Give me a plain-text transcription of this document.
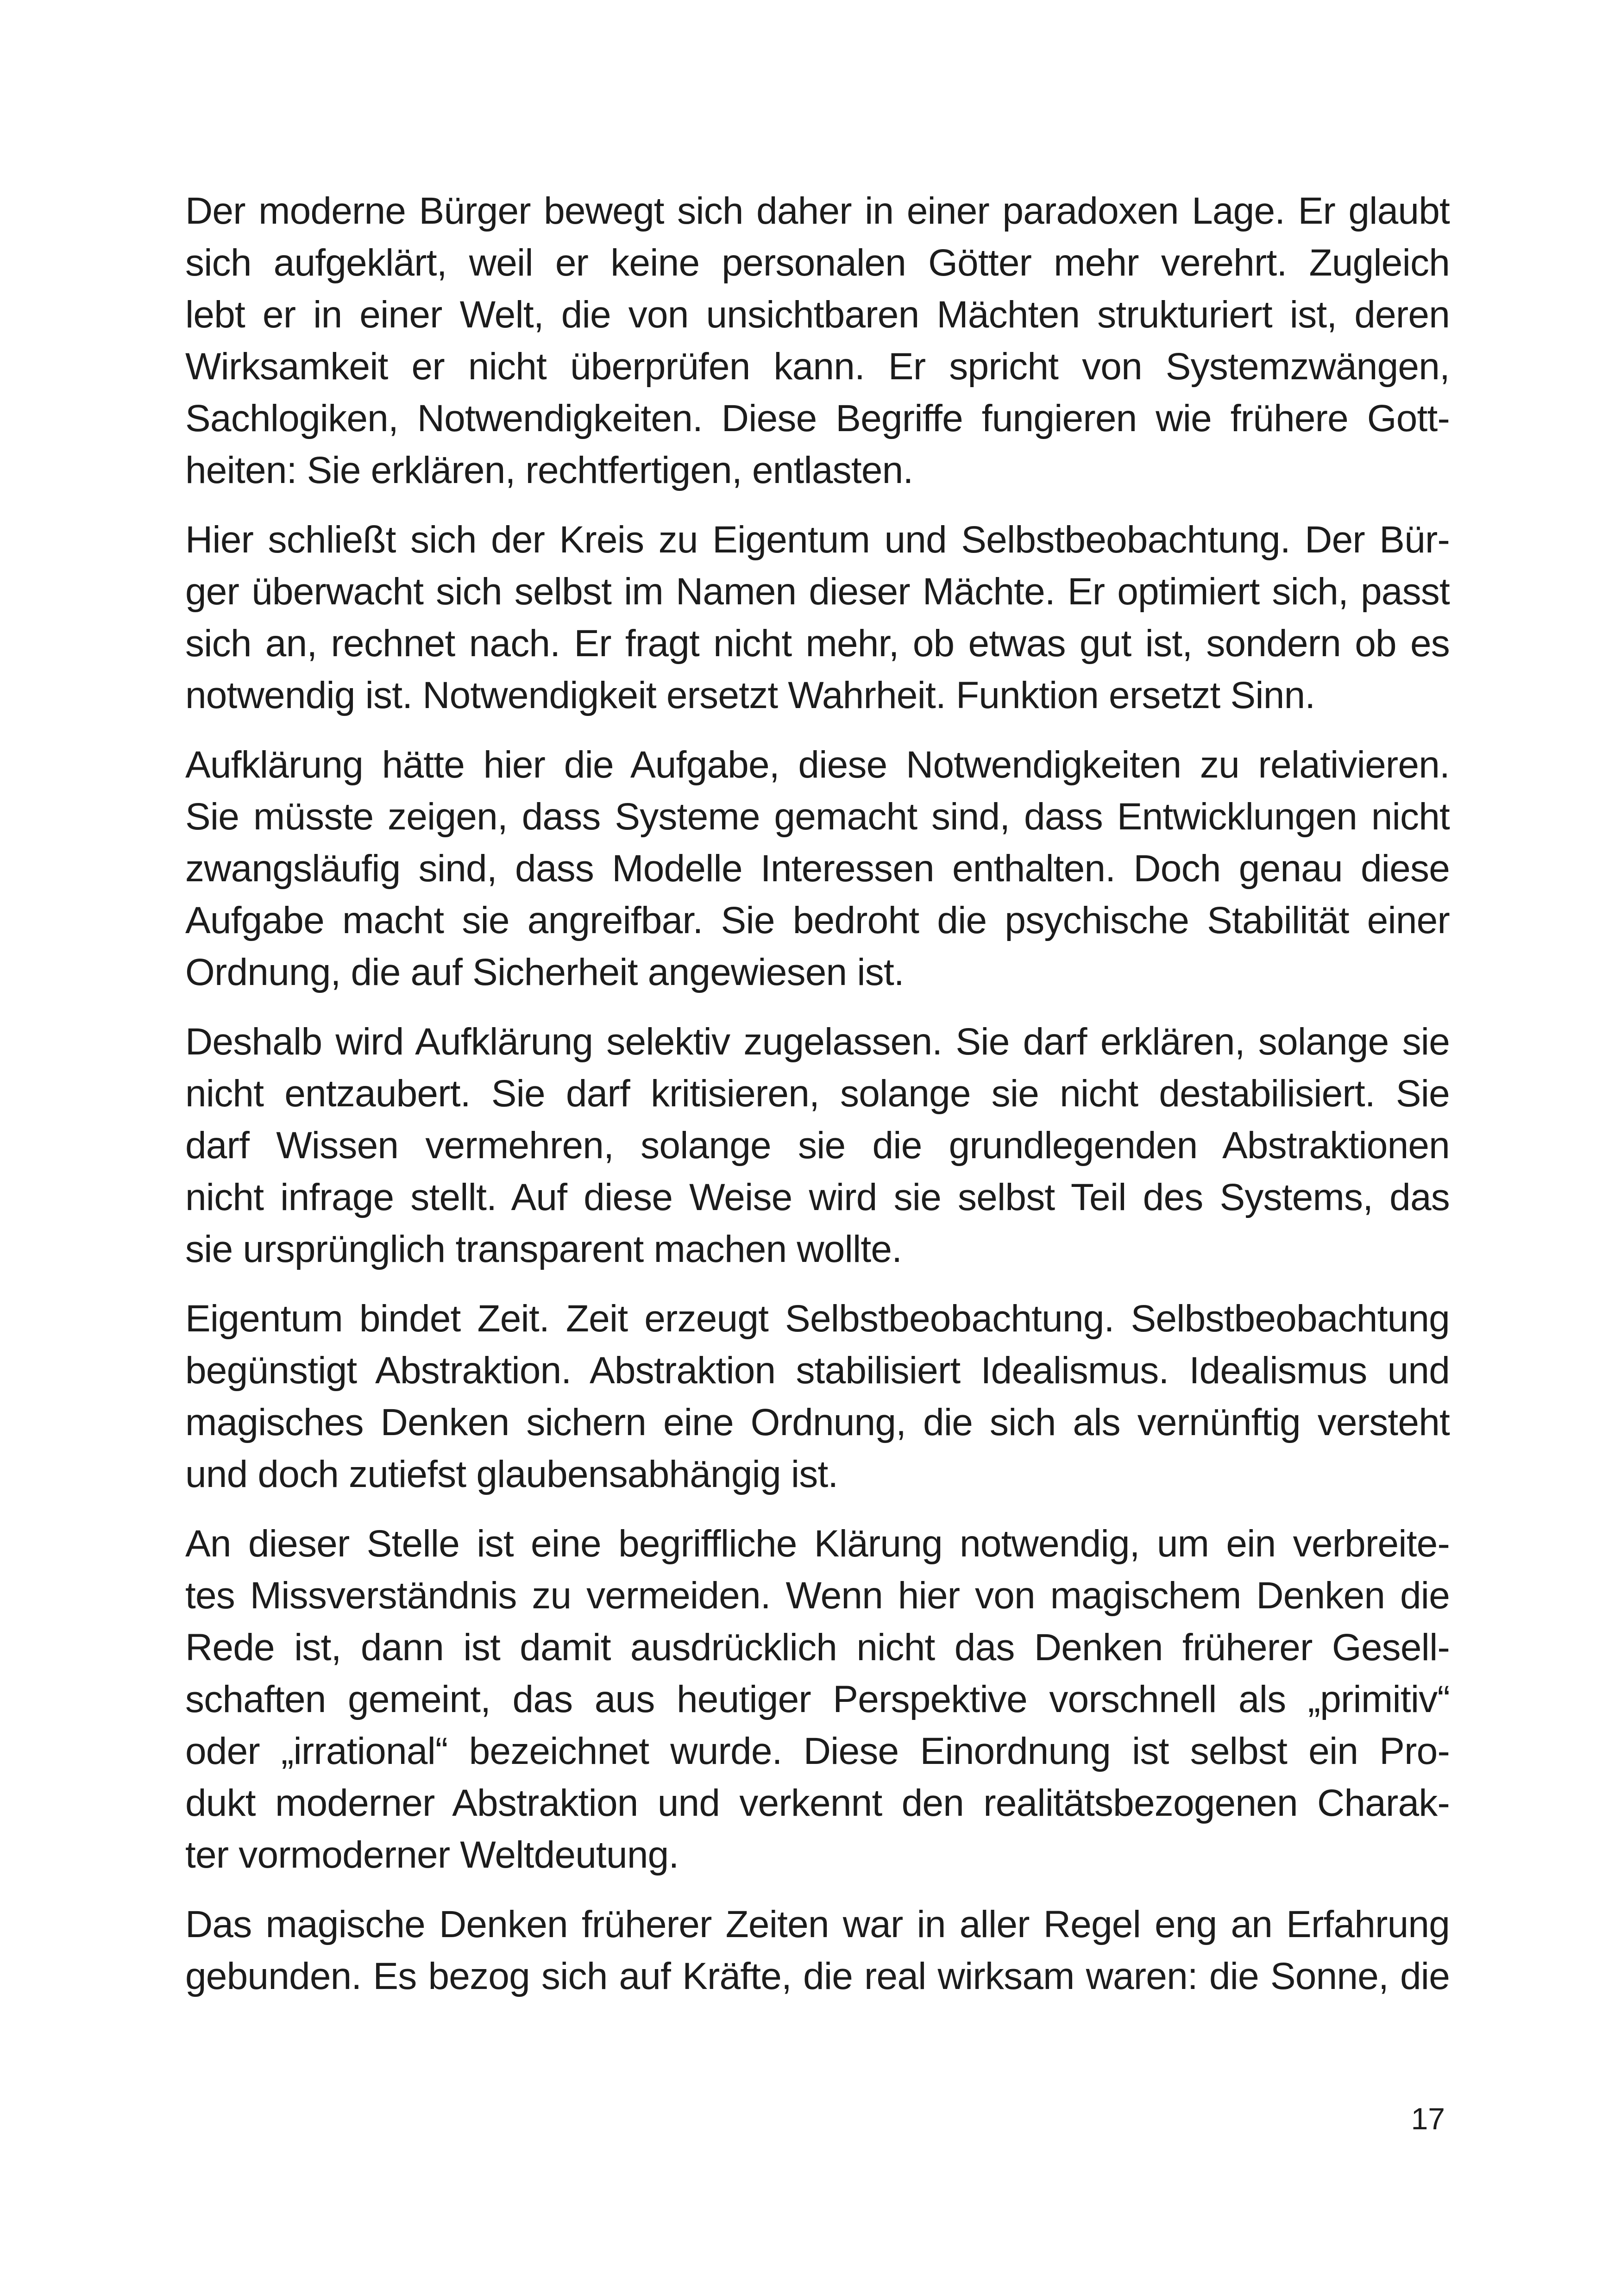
Der moderne Bürger bewegt sich daher in einer paradoxen Lage. Er glaubt
sich aufgeklärt, weil er keine personalen Götter mehr verehrt. Zugleich
lebt er in einer Welt, die von unsichtbaren Mächten strukturiert ist, deren
Wirksamkeit er nicht überprüfen kann. Er spricht von Systemzwängen,
Sachlogiken, Notwendigkeiten. Diese Begriffe fungieren wie frühere Gott-
heiten: Sie erklären, rechtfertigen, entlasten.
Hier schließt sich der Kreis zu Eigentum und Selbstbeobachtung. Der Bür-
ger überwacht sich selbst im Namen dieser Mächte. Er optimiert sich, passt
sich an, rechnet nach. Er fragt nicht mehr, ob etwas gut ist, sondern ob es
notwendig ist. Notwendigkeit ersetzt Wahrheit. Funktion ersetzt Sinn.
Aufklärung hätte hier die Aufgabe, diese Notwendigkeiten zu relativieren.
Sie müsste zeigen, dass Systeme gemacht sind, dass Entwicklungen nicht
zwangsläufig sind, dass Modelle Interessen enthalten. Doch genau diese
Aufgabe macht sie angreifbar. Sie bedroht die psychische Stabilität einer
Ordnung, die auf Sicherheit angewiesen ist.
Deshalb wird Aufklärung selektiv zugelassen. Sie darf erklären, solange sie
nicht entzaubert. Sie darf kritisieren, solange sie nicht destabilisiert. Sie
darf Wissen vermehren, solange sie die grundlegenden Abstraktionen
nicht infrage stellt. Auf diese Weise wird sie selbst Teil des Systems, das
sie ursprünglich transparent machen wollte.
Eigentum bindet Zeit. Zeit erzeugt Selbstbeobachtung. Selbstbeobachtung
begünstigt Abstraktion. Abstraktion stabilisiert Idealismus. Idealismus und
magisches Denken sichern eine Ordnung, die sich als vernünftig versteht
und doch zutiefst glaubensabhängig ist.
An dieser Stelle ist eine begriffliche Klärung notwendig, um ein verbreite-
tes Missverständnis zu vermeiden. Wenn hier von magischem Denken die
Rede ist, dann ist damit ausdrücklich nicht das Denken früherer Gesell-
schaften gemeint, das aus heutiger Perspektive vorschnell als „primitiv“
oder „irrational“ bezeichnet wurde. Diese Einordnung ist selbst ein Pro-
dukt moderner Abstraktion und verkennt den realitätsbezogenen Charak-
ter vormoderner Weltdeutung.
Das magische Denken früherer Zeiten war in aller Regel eng an Erfahrung
gebunden. Es bezog sich auf Kräfte, die real wirksam waren: die Sonne, die
17
